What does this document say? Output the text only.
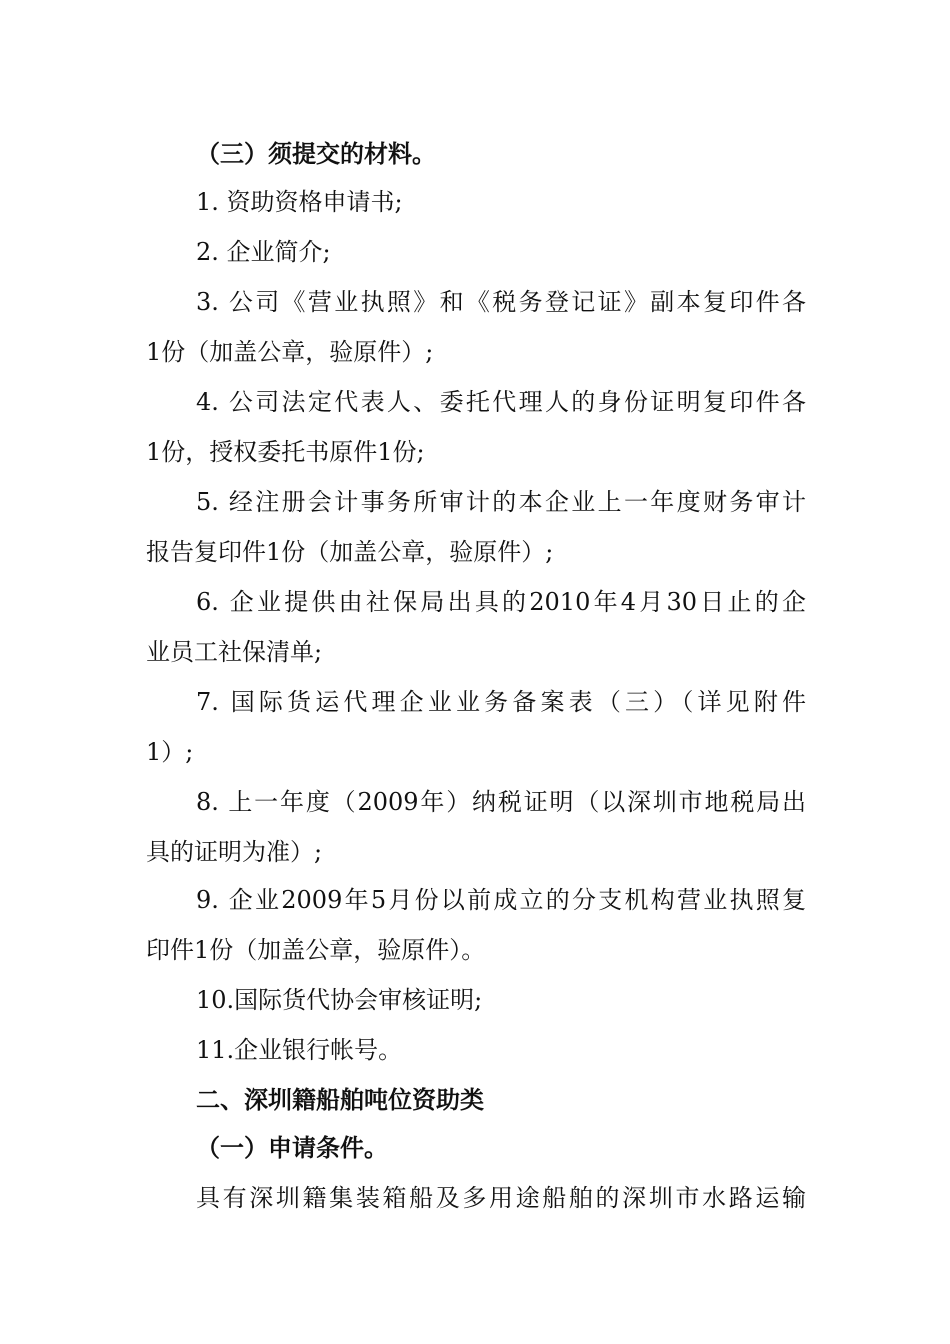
（三）须提交的材料。
1. 资助资格申请书;
2. 企业简介;
3. 公司《营业执照》和《税务登记证》副本复印件各
1份（加盖公章，验原件）;
4. 公司法定代表人、委托代理人的身份证明复印件各
1份，授权委托书原件1份;
5. 经注册会计事务所审计的本企业上一年度财务审计
报告复印件1份（加盖公章，验原件）;
6. 企业提供由社保局出具的2010年4月30日止的企
业员工社保清单;
7. 国际货运代理企业业务备案表（三）（详见附件
1）;
8. 上一年度（2009年）纳税证明（以深圳市地税局出
具的证明为准）;
9. 企业2009年5月份以前成立的分支机构营业执照复
印件1份（加盖公章，验原件）。
10.国际货代协会审核证明;
11.企业银行帐号。
二、深圳籍船舶吨位资助类
（一）申请条件。
具有深圳籍集装箱船及多用途船舶的深圳市水路运输
